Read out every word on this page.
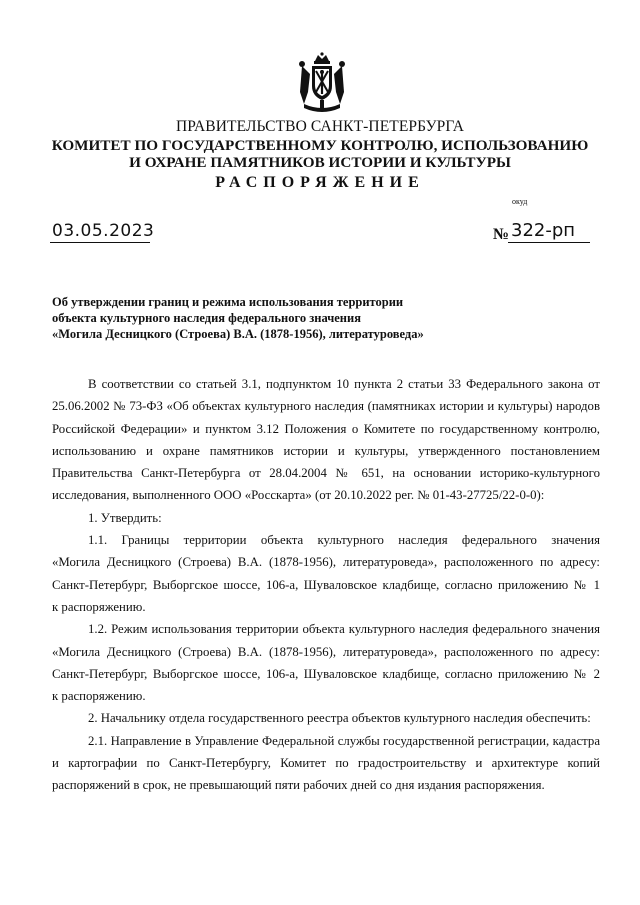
ПРАВИТЕЛЬСТВО САНКТ-ПЕТЕРБУРГА
КОМИТЕТ ПО ГОСУДАРСТВЕННОМУ КОНТРОЛЮ, ИСПОЛЬЗОВАНИЮ
И ОХРАНЕ ПАМЯТНИКОВ ИСТОРИИ И КУЛЬТУРЫ
РАСПОРЯЖЕНИЕ
окуд
03.05.2023	№ 322-рп
Об утверждении границ и режима использования территории
объекта культурного наследия федерального значения
«Могила Десницкого (Строева) В.А. (1878-1956), литературоведа»

В соответствии со статьей 3.1, подпунктом 10 пункта 2 статьи 33 Федерального закона от

25.06.2002 № 73-ФЗ «Об объектах культурного наследия (памятниках истории и культуры) народов

Российской Федерации» и пунктом 3.12 Положения о Комитете по государственному контролю,

использованию и охране памятников истории и культуры, утвержденного постановлением

Правительства Санкт-Петербурга от 28.04.2004 № 651, на основании историко-культурного

исследования, выполненного ООО «Росскарта» (от 20.10.2022 рег. № 01-43-27725/22-0-0):

1. Утвердить:

1.1. Границы территории объекта культурного наследия федерального значения

«Могила Десницкого (Строева) В.А. (1878-1956), литературоведа», расположенного по адресу:

Санкт-Петербург, Выборгское шоссе, 106-а, Шуваловское кладбище, согласно приложению № 1

к распоряжению.

1.2. Режим использования территории объекта культурного наследия федерального значения

«Могила Десницкого (Строева) В.А. (1878-1956), литературоведа», расположенного по адресу:

Санкт-Петербург, Выборгское шоссе, 106-а, Шуваловское кладбище, согласно приложению № 2

к распоряжению.

2. Начальнику отдела государственного реестра объектов культурного наследия обеспечить:

2.1. Направление в Управление Федеральной службы государственной регистрации, кадастра

и картографии по Санкт-Петербургу, Комитет по градостроительству и архитектуре копий

распоряжений в срок, не превышающий пяти рабочих дней со дня издания распоряжения.
